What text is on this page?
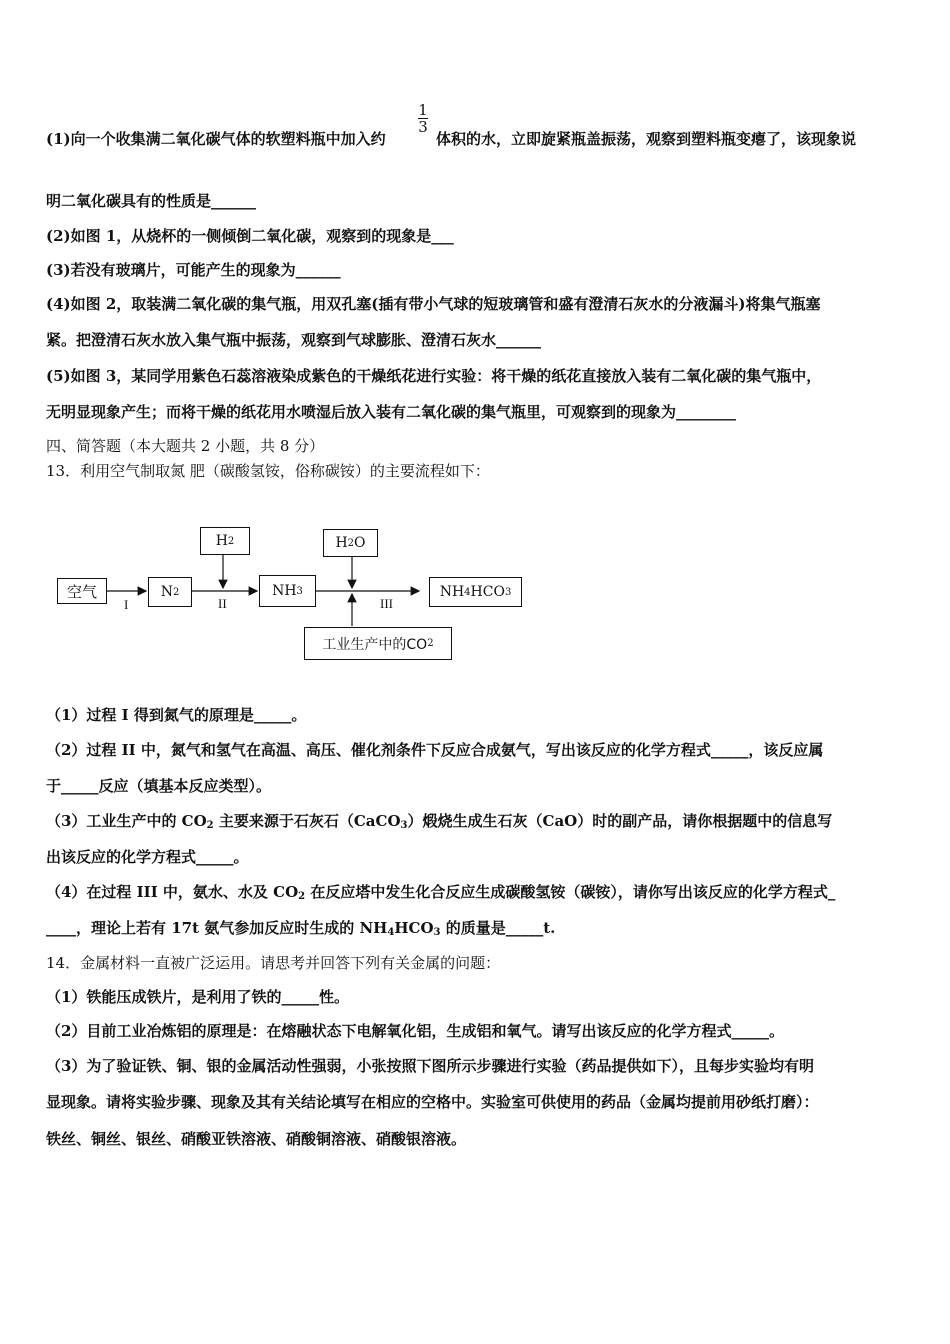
1
3
(1)向一个收集满二氧化碳气体的软塑料瓶中加入约	体积的水，立即旋紧瓶盖振荡，观察到塑料瓶变瘪了，该现象说
明二氧化碳具有的性质是______
(2)如图 1，从烧杯的一侧倾倒二氧化碳，观察到的现象是___
(3)若没有玻璃片，可能产生的现象为______
(4)如图 2，取装满二氧化碳的集气瓶，用双孔塞(插有带小气球的短玻璃管和盛有澄清石灰水的分液漏斗)将集气瓶塞
紧。把澄清石灰水放入集气瓶中振荡，观察到气球膨胀、澄清石灰水______
(5)如图 3，某同学用紫色石蕊溶液染成紫色的干燥纸花进行实验：将干燥的纸花直接放入装有二氧化碳的集气瓶中，
无明显现象产生；而将干燥的纸花用水喷湿后放入装有二氧化碳的集气瓶里，可观察到的现象为________
四、简答题（本大题共 2 小题，共 8 分）
13．利用空气制取氮 肥（碳酸氢铵，俗称碳铵）的主要流程如下：
空气	N 2
H 2
NH 3
H 2 O
NH 4 HCO 3
工业生产中的CO 2
I	II	III
（1）过程 I 得到氮气的原理是_____。
（2）过程 II 中，氮气和氢气在高温、高压、催化剂条件下反应合成氨气，写出该反应的化学方程式_____，该反应属
于_____反应（填基本反应类型）。
（3）工业生产中的 $CO_2$ 主要来源于石灰石（CaCO$_3$）煅烧生成生石灰（CaO）时的副产品，请你根据题中的信息写
出该反应的化学方程式_____。
（4）在过程 III 中，氨水、水及 $CO_2$ 在反应塔中发生化合反应生成碳酸氢铵（碳铵），请你写出该反应的化学方程式_
____，理论上若有 17t 氨气参加反应时生成的 $NH_4HCO_3$ 的质量是_____t.
14．金属材料一直被广泛运用。请思考并回答下列有关金属的问题：
（1）铁能压成铁片，是利用了铁的_____性。
（2）目前工业冶炼铝的原理是：在熔融状态下电解氧化铝，生成铝和氧气。请写出该反应的化学方程式_____。
（3）为了验证铁、铜、银的金属活动性强弱，小张按照下图所示步骤进行实验（药品提供如下），且每步实验均有明
显现象。请将实验步骤、现象及其有关结论填写在相应的空格中。实验室可供使用的药品（金属均提前用砂纸打磨）：
铁丝、铜丝、银丝、硝酸亚铁溶液、硝酸铜溶液、硝酸银溶液。
